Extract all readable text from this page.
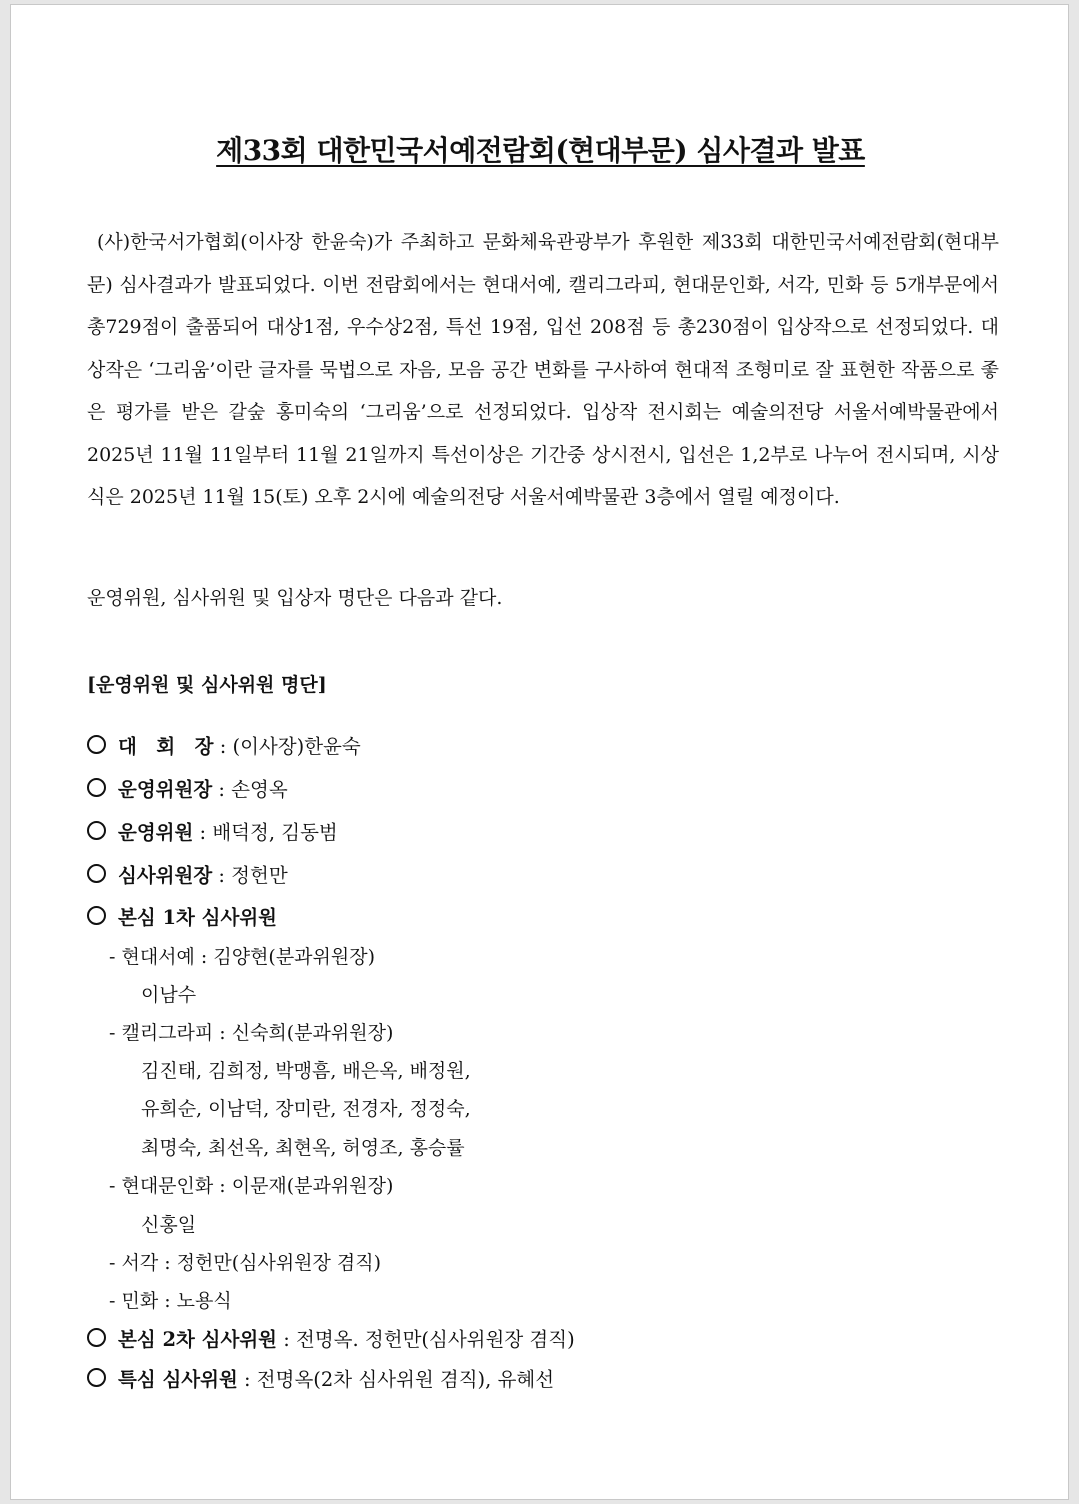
제33회 대한민국서예전람회(현대부문) 심사결과 발표

(사)한국서가협회(이사장 한윤숙)가 주최하고 문화체육관광부가 후원한 제33회 대한민국서예전람회(현대부문) 심사결과가 발표되었다. 이번 전람회에서는 현대서예, 캘리그라피, 현대문인화, 서각, 민화 등 5개부문에서 총729점이 출품되어 대상1점, 우수상2점, 특선 19점, 입선 208점 등 총230점이 입상작으로 선정되었다. 대상작은 ‘그리움’이란 글자를 묵법으로 자음, 모음 공간 변화를 구사하여 현대적 조형미로 잘 표현한 작품으로 좋은 평가를 받은 갈숲 홍미숙의 ‘그리움’으로 선정되었다. 입상작 전시회는 예술의전당 서울서예박물관에서 2025년 11월 11일부터 11월 21일까지 특선이상은 기간중 상시전시, 입선은 1,2부로 나누어 전시되며, 시상식은 2025년 11월 15(토) 오후 2시에 예술의전당 서울서예박물관 3층에서 열릴 예정이다.

운영위원, 심사위원 및 입상자 명단은 다음과 같다.

[운영위원 및 심사위원 명단]

대　회　장 : (이사장)한윤숙
운영위원장 : 손영옥
운영위원 : 배덕정, 김동범
심사위원장 : 정헌만
본심 1차 심사위원
- 현대서예 : 김양현(분과위원장)
이남수
- 캘리그라피 : 신숙희(분과위원장)
김진태, 김희정, 박맹흠, 배은옥, 배정원,
유희순, 이남덕, 장미란, 전경자, 정정숙,
최명숙, 최선옥, 최현옥, 허영조, 홍승률
- 현대문인화 : 이문재(분과위원장)
신홍일
- 서각 : 정헌만(심사위원장 겸직)
- 민화 : 노용식
본심 2차 심사위원 : 전명옥. 정헌만(심사위원장 겸직)
특심 심사위원 : 전명옥(2차 심사위원 겸직), 유혜선
